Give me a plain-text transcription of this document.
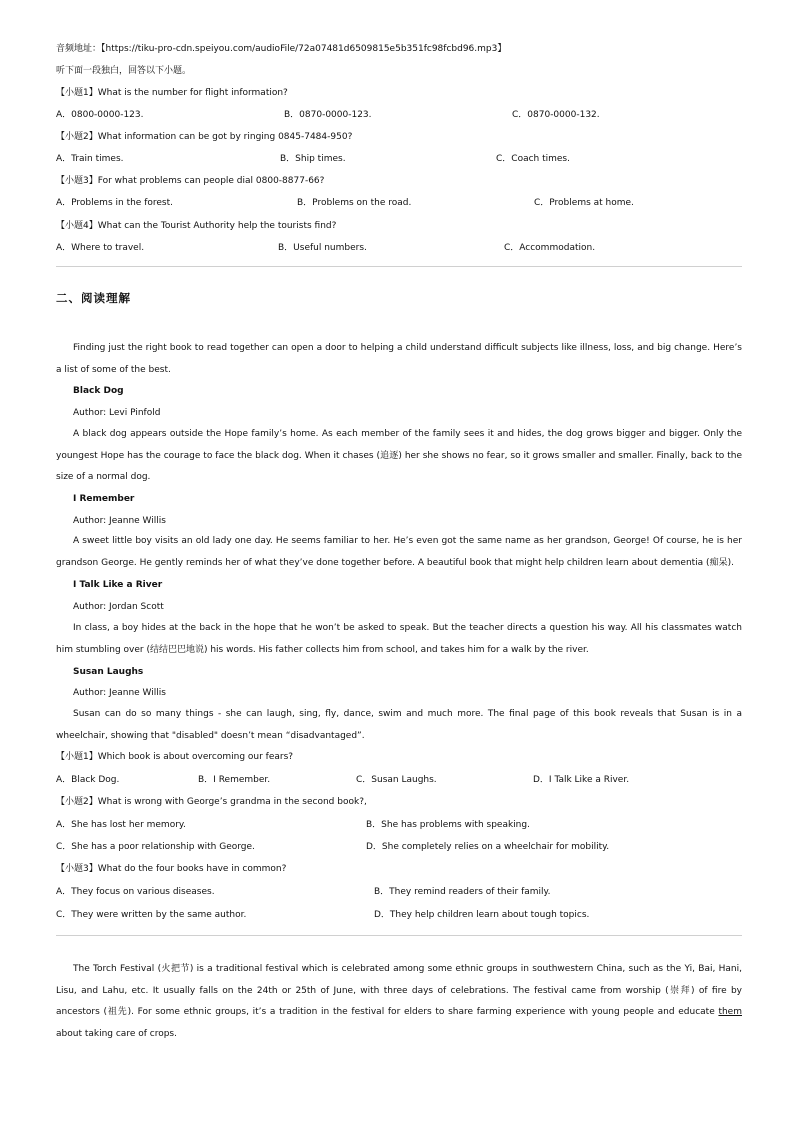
音频地址：【https://tiku-pro-cdn.speiyou.com/audioFile/72a07481d6509815e5b351fc98fcbd96.mp3】
听下面一段独白，回答以下小题。
【小题1】What is the number for flight information?
A．0800-0000-123.	B．0870-0000-123.	C．0870-0000-132.
【小题2】What information can be got by ringing 0845-7484-950?
A．Train times.	B．Ship times.	C．Coach times.
【小题3】For what problems can people dial 0800-8877-66?
A．Problems in the forest.	B．Problems on the road.	C．Problems at home.
【小题4】What can the Tourist Authority help the tourists find?
A．Where to travel.	B．Useful numbers.	C．Accommodation.
二、阅读理解
Finding just the right book to read together can open a door to helping a child understand difficult subjects like illness, loss, and big change. Here’s a list of some of the best.
Black Dog
Author: Levi Pinfold
A black dog appears outside the Hope family’s home. As each member of the family sees it and hides, the dog grows bigger and bigger. Only the youngest Hope has the courage to face the black dog. When it chases (追逐) her she shows no fear, so it grows smaller and smaller. Finally, back to the size of a normal dog.
I Remember
Author: Jeanne Willis
A sweet little boy visits an old lady one day. He seems familiar to her. He’s even got the same name as her grandson, George! Of course, he is her grandson George. He gently reminds her of what they’ve done together before. A beautiful book that might help children learn about dementia (痴呆).
I Talk Like a River
Author: Jordan Scott
In class, a boy hides at the back in the hope that he won’t be asked to speak. But the teacher directs a question his way. All his classmates watch him stumbling over (结结巴巴地说) his words. His father collects him from school, and takes him for a walk by the river.
Susan Laughs
Author: Jeanne Willis
Susan can do so many things - she can laugh, sing, fly, dance, swim and much more. The final page of this book reveals that Susan is in a wheelchair, showing that "disabled" doesn’t mean “disadvantaged”.
【小题1】Which book is about overcoming our fears?
A．Black Dog.	B．I Remember.	C．Susan Laughs.	D．I Talk Like a River.
【小题2】What is wrong with George’s grandma in the second book?,
A．She has lost her memory.	B．She has problems with speaking.
C．She has a poor relationship with George.	D．She completely relies on a wheelchair for mobility.
【小题3】What do the four books have in common?
A．They focus on various diseases.	B．They remind readers of their family.
C．They were written by the same author.	D．They help children learn about tough topics.
The Torch Festival (火把节) is a traditional festival which is celebrated among some ethnic groups in southwestern China, such as the Yi, Bai, Hani, Lisu, and Lahu, etc. It usually falls on the 24th or 25th of June, with three days of celebrations. The festival came from worship (崇拜) of fire by ancestors (祖先). For some ethnic groups, it’s a tradition in the festival for elders to share farming experience with young people and educate them about taking care of crops.
